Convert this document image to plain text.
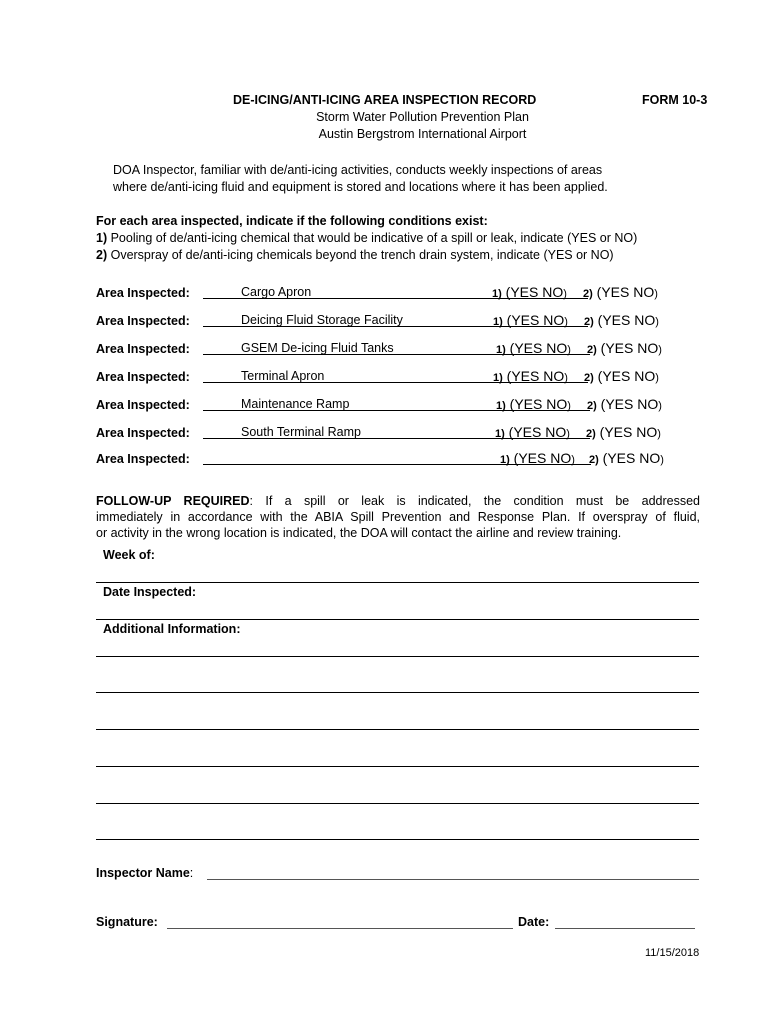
DE-ICING/ANTI-ICING AREA INSPECTION RECORD	FORM 10-3
Storm Water Pollution Prevention Plan
Austin Bergstrom International Airport
DOA Inspector, familiar with de/anti-icing activities, conducts weekly inspections of areas
where de/anti-icing fluid and equipment is stored and locations where it has been applied.
For each area inspected, indicate if the following conditions exist:
1) Pooling of de/anti-icing chemical that would be indicative of a spill or leak, indicate (YES or NO)
2) Overspray of de/anti-icing chemicals beyond the trench drain system, indicate (YES or NO)
Area Inspected:	Cargo Apron	1) (YES NO) 2) (YES NO)
Area Inspected:	Deicing Fluid Storage Facility	1) (YES NO) 2) (YES NO)
Area Inspected:	GSEM De-icing Fluid Tanks	1) (YES NO) 2) (YES NO)
Area Inspected:	Terminal Apron	1) (YES NO) 2) (YES NO)
Area Inspected:	Maintenance Ramp	1) (YES NO) 2) (YES NO)
Area Inspected:	South Terminal Ramp	1) (YES NO) 2) (YES NO)
Area Inspected:	1) (YES NO) 2) (YES NO)
FOLLOW-UP REQUIRED: If a spill or leak is indicated, the condition must be addressed
immediately in accordance with the ABIA Spill Prevention and Response Plan. If overspray of fluid,
or activity in the wrong location is indicated, the DOA will contact the airline and review training.
Week of:
Date Inspected:
Additional Information:
Inspector Name:
Signature:	Date:
11/15/2018
